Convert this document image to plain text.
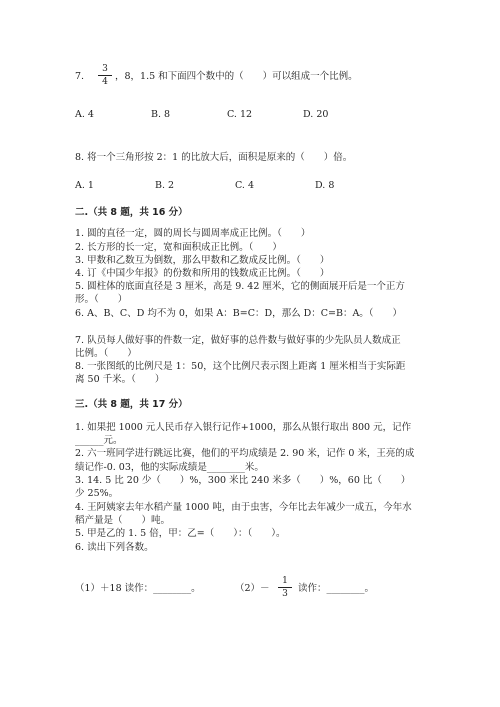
7.
3
4 ，8，1.5 和下面四个数中的（　　）可以组成一个比例。
A. 4	B. 8	C. 12	D. 20
8. 将一个三角形按 2：1 的比放大后，面积是原来的（　　）倍。
A. 1	B. 2	C. 4	D. 8
二.（共 8 题，共 16 分）
1. 圆的直径一定，圆的周长与圆周率成正比例。（　　）
2. 长方形的长一定，宽和面积成正比例。（　　）
3. 甲数和乙数互为倒数，那么甲数和乙数成反比例。（　　）
4. 订《中国少年报》的份数和所用的钱数成正比例。（　　）
5. 圆柱体的底面直径是 3 厘米，高是 9. 42 厘米，它的侧面展开后是一个正方
形。（　　）
6. A、B、C、D 均不为 0，如果 A：B=C：D，那么 D：C=B：A。（　　）
7. 队员每人做好事的件数一定，做好事的总件数与做好事的少先队员人数成正
比例。（　　）
8. 一张图纸的比例尺是 1：50，这个比例尺表示图上距离 1 厘米相当于实际距
离 50 千米。（　　）
三.（共 8 题，共 17 分）
1. 如果把 1000 元人民币存入银行记作+1000，那么从银行取出 800 元，记作
______元。
2. 六一班同学进行跳远比赛，他们的平均成绩是 2. 90 米，记作 0 米，王亮的成
绩记作-0. 03，他的实际成绩是________米。
3. 14. 5 比 20 少（　　）%，300 米比 240 米多（　　）%，60 比（　　）
少 25%。
4. 王阿姨家去年水稻产量 1000 吨，由于虫害，今年比去年减少一成五，今年水
稻产量是（　　）吨。
5. 甲是乙的 1. 5 倍，甲：乙=（　　）：（　　）。
6. 读出下列各数。
（1）＋18 读作：________。	（2）－
1
3	读作：________。
